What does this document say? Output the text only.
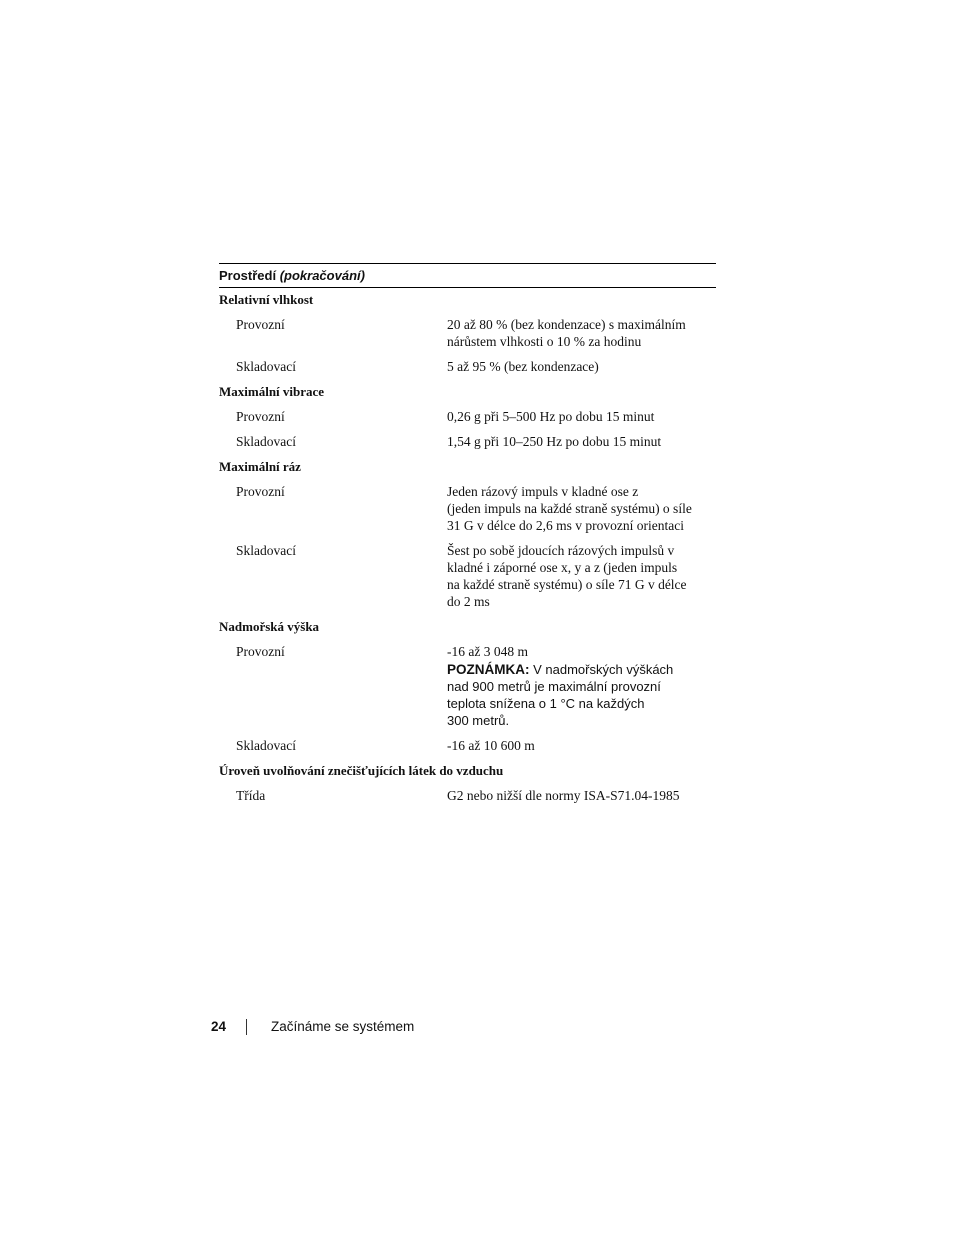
Prostředí (pokračování)
Relativní vlhkost
Provozní	20 až 80 % (bez kondenzace) s maximálním
nárůstem vlhkosti o 10 % za hodinu
Skladovací	5 až 95 % (bez kondenzace)
Maximální vibrace
Provozní	0,26 g při 5–500 Hz po dobu 15 minut
Skladovací	1,54 g při 10–250 Hz po dobu 15 minut
Maximální ráz
Provozní	Jeden rázový impuls v kladné ose z
(jeden impuls na každé straně systému) o síle
31 G v délce do 2,6 ms v provozní orientaci
Skladovací	Šest po sobě jdoucích rázových impulsů v
kladné i záporné ose x, y a z (jeden impuls
na každé straně systému) o síle 71 G v délce
do 2 ms
Nadmořská výška
Provozní	-16 až 3 048 m
POZNÁMKA: V nadmořských výškách
nad 900 metrů je maximální provozní
teplota snížena o 1 °C na každých
300 metrů.
Skladovací	-16 až 10 600 m
Úroveň uvolňování znečišťujících látek do vzduchu
Třída	G2 nebo nižší dle normy ISA-S71.04-1985
24	Začínáme se systémem
